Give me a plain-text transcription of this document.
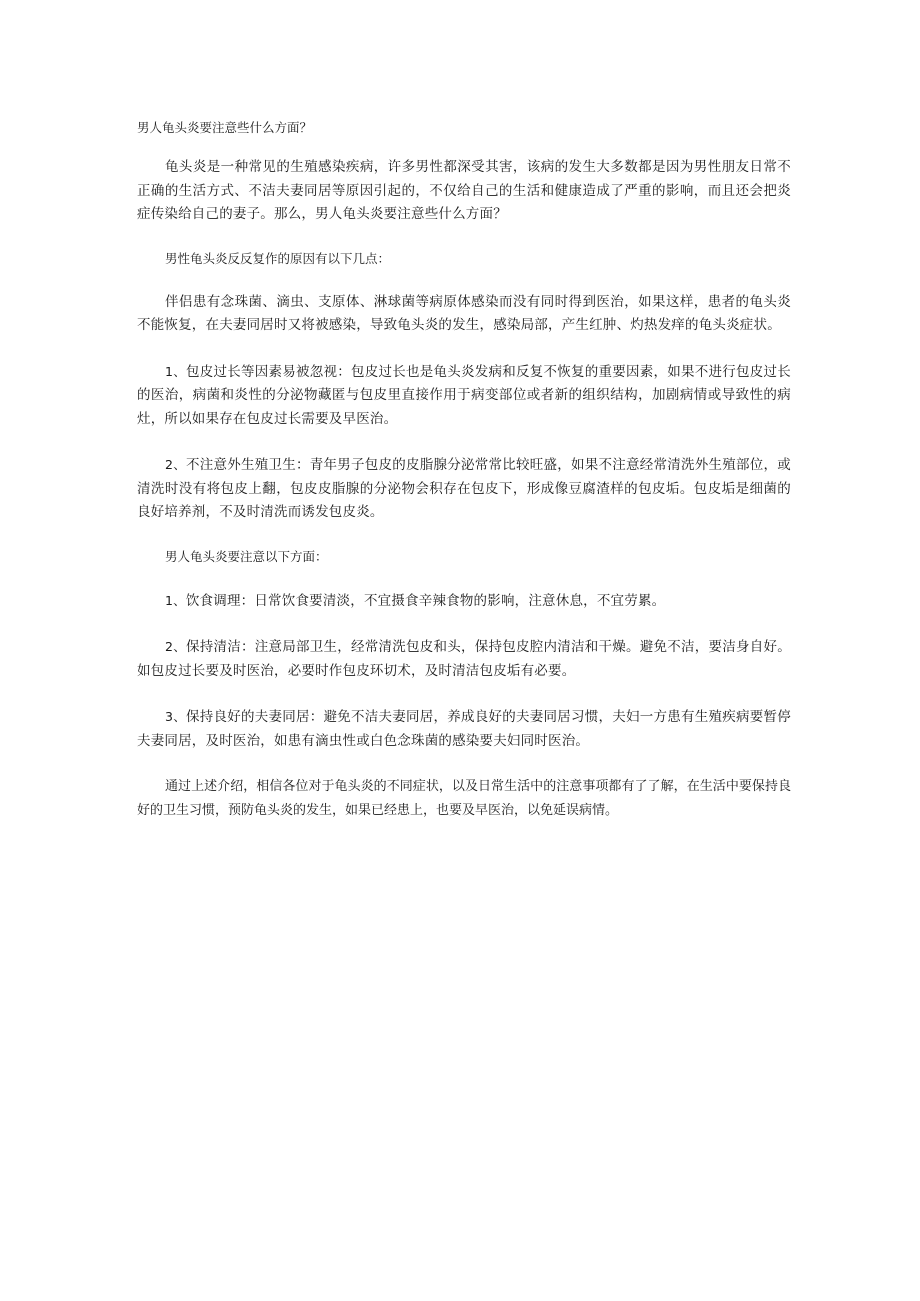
男人龟头炎要注意些什么方面？

龟头炎是一种常见的生殖感染疾病，许多男性都深受其害，该病的发生大多数都是因为男性朋友日常不正确的生活方式、不洁夫妻同居等原因引起的，不仅给自己的生活和健康造成了严重的影响，而且还会把炎症传染给自己的妻子。那么，男人龟头炎要注意些什么方面？

男性龟头炎反反复作的原因有以下几点：

伴侣患有念珠菌、滴虫、支原体、淋球菌等病原体感染而没有同时得到医治，如果这样，患者的龟头炎不能恢复，在夫妻同居时又将被感染，导致龟头炎的发生，感染局部，产生红肿、灼热发痒的龟头炎症状。

1、包皮过长等因素易被忽视：包皮过长也是龟头炎发病和反复不恢复的重要因素，如果不进行包皮过长的医治，病菌和炎性的分泌物藏匿与包皮里直接作用于病变部位或者新的组织结构，加剧病情或导致性的病灶，所以如果存在包皮过长需要及早医治。

2、不注意外生殖卫生：青年男子包皮的皮脂腺分泌常常比较旺盛，如果不注意经常清洗外生殖部位，或清洗时没有将包皮上翻，包皮皮脂腺的分泌物会积存在包皮下，形成像豆腐渣样的包皮垢。包皮垢是细菌的良好培养剂，不及时清洗而诱发包皮炎。

男人龟头炎要注意以下方面：

1、饮食调理：日常饮食要清淡，不宜摄食辛辣食物的影响，注意休息，不宜劳累。

2、保持清洁：注意局部卫生，经常清洗包皮和头，保持包皮腔内清洁和干燥。避免不洁，要洁身自好。如包皮过长要及时医治，必要时作包皮环切术，及时清洁包皮垢有必要。

3、保持良好的夫妻同居：避免不洁夫妻同居，养成良好的夫妻同居习惯，夫妇一方患有生殖疾病要暂停夫妻同居，及时医治，如患有滴虫性或白色念珠菌的感染要夫妇同时医治。

通过上述介绍，相信各位对于龟头炎的不同症状，以及日常生活中的注意事项都有了了解，在生活中要保持良好的卫生习惯，预防龟头炎的发生，如果已经患上，也要及早医治，以免延误病情。
